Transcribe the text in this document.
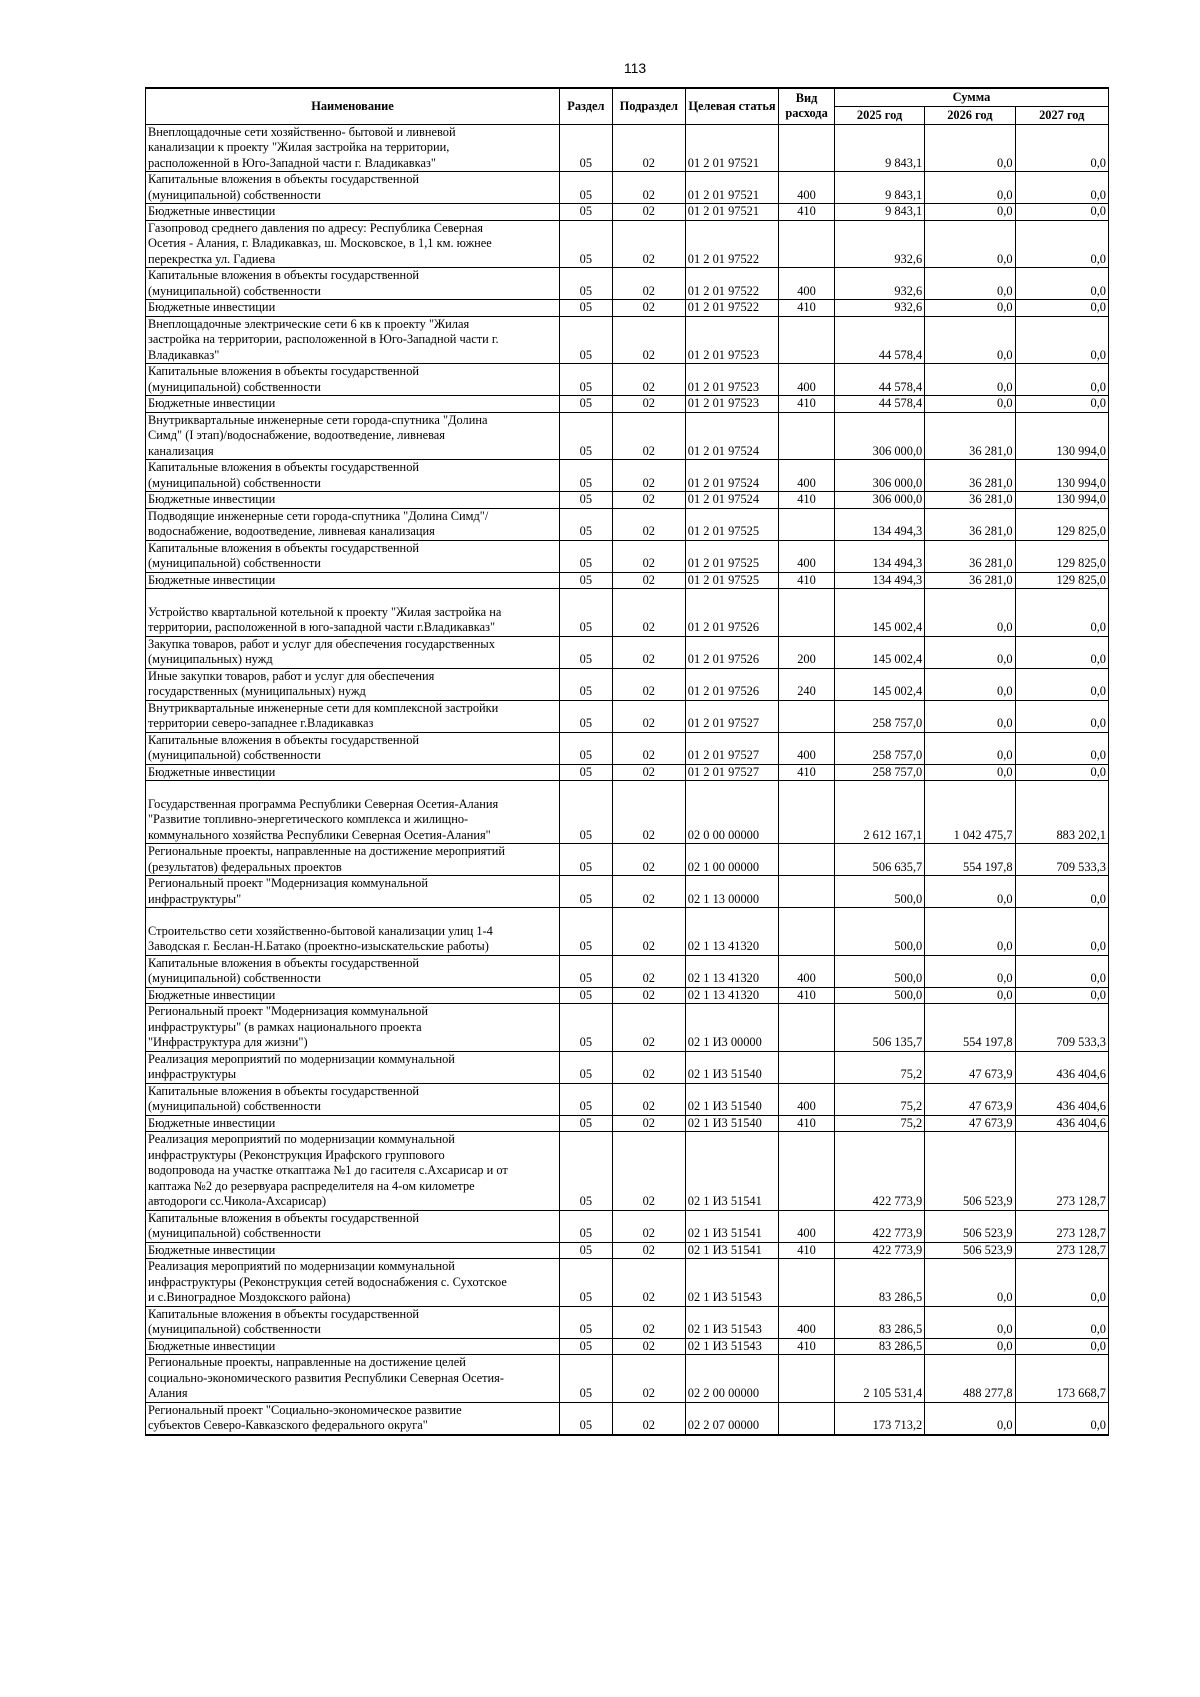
113
Наименование	Раздел	Подраздел	Целевая статья	Вид расхода	Сумма		
					2025 год	2026 год	2027 год
Внеплощадочные сети хозяйственно- бытовой и ливневой
канализации к проекту "Жилая застройка на территории,
расположенной в Юго-Западной части г. Владикавказ"	05	02	01 2 01 97521		9 843,1	0,0	0,0
Капитальные вложения в объекты государственной
(муниципальной) собственности	05	02	01 2 01 97521	400	9 843,1	0,0	0,0
Бюджетные инвестиции	05	02	01 2 01 97521	410	9 843,1	0,0	0,0
Газопровод среднего давления по адресу: Республика Северная
Осетия - Алания, г. Владикавказ, ш. Московское, в 1,1 км. южнее
перекрестка ул. Гадиева	05	02	01 2 01 97522		932,6	0,0	0,0
Капитальные вложения в объекты государственной
(муниципальной) собственности	05	02	01 2 01 97522	400	932,6	0,0	0,0
Бюджетные инвестиции	05	02	01 2 01 97522	410	932,6	0,0	0,0
Внеплощадочные электрические сети 6 кв к проекту "Жилая
застройка на территории, расположенной в Юго-Западной части г.
Владикавказ"	05	02	01 2 01 97523		44 578,4	0,0	0,0
Капитальные вложения в объекты государственной
(муниципальной) собственности	05	02	01 2 01 97523	400	44 578,4	0,0	0,0
Бюджетные инвестиции	05	02	01 2 01 97523	410	44 578,4	0,0	0,0
Внутриквартальные инженерные сети города-спутника "Долина
Симд" (I этап)/водоснабжение, водоотведение, ливневая
канализация	05	02	01 2 01 97524		306 000,0	36 281,0	130 994,0
Капитальные вложения в объекты государственной
(муниципальной) собственности	05	02	01 2 01 97524	400	306 000,0	36 281,0	130 994,0
Бюджетные инвестиции	05	02	01 2 01 97524	410	306 000,0	36 281,0	130 994,0
Подводящие инженерные сети города-спутника "Долина Симд"/
водоснабжение, водоотведение, ливневая канализация	05	02	01 2 01 97525		134 494,3	36 281,0	129 825,0
Капитальные вложения в объекты государственной
(муниципальной) собственности	05	02	01 2 01 97525	400	134 494,3	36 281,0	129 825,0
Бюджетные инвестиции	05	02	01 2 01 97525	410	134 494,3	36 281,0	129 825,0

Устройство квартальной котельной к проекту "Жилая застройка на
территории, расположенной в юго-западной части г.Владикавказ"	05	02	01 2 01 97526		145 002,4	0,0	0,0
Закупка товаров, работ и услуг для обеспечения государственных
(муниципальных) нужд	05	02	01 2 01 97526	200	145 002,4	0,0	0,0
Иные закупки товаров, работ и услуг для обеспечения
государственных (муниципальных) нужд	05	02	01 2 01 97526	240	145 002,4	0,0	0,0
Внутриквартальные инженерные сети для комплексной застройки
территории северо-западнее г.Владикавказ	05	02	01 2 01 97527		258 757,0	0,0	0,0
Капитальные вложения в объекты государственной
(муниципальной) собственности	05	02	01 2 01 97527	400	258 757,0	0,0	0,0
Бюджетные инвестиции	05	02	01 2 01 97527	410	258 757,0	0,0	0,0

Государственная программа Республики Северная Осетия-Алания
"Развитие топливно-энергетического комплекса и жилищно-
коммунального хозяйства Республики Северная Осетия-Алания"	05	02	02 0 00 00000		2 612 167,1	1 042 475,7	883 202,1
Региональные проекты, направленные на достижение мероприятий
(результатов) федеральных проектов	05	02	02 1 00 00000		506 635,7	554 197,8	709 533,3
Региональный проект "Модернизация коммунальной
инфраструктуры"	05	02	02 1 13 00000		500,0	0,0	0,0

Строительство сети хозяйственно-бытовой канализации улиц 1-4
Заводская г. Беслан-Н.Батако (проектно-изыскательские работы)	05	02	02 1 13 41320		500,0	0,0	0,0
Капитальные вложения в объекты государственной
(муниципальной) собственности	05	02	02 1 13 41320	400	500,0	0,0	0,0
Бюджетные инвестиции	05	02	02 1 13 41320	410	500,0	0,0	0,0
Региональный проект "Модернизация коммунальной
инфраструктуры" (в рамках национального проекта
"Инфраструктура для жизни")	05	02	02 1 И3 00000		506 135,7	554 197,8	709 533,3
Реализация мероприятий по модернизации коммунальной
инфраструктуры	05	02	02 1 И3 51540		75,2	47 673,9	436 404,6
Капитальные вложения в объекты государственной
(муниципальной) собственности	05	02	02 1 И3 51540	400	75,2	47 673,9	436 404,6
Бюджетные инвестиции	05	02	02 1 И3 51540	410	75,2	47 673,9	436 404,6
Реализация мероприятий по модернизации коммунальной
инфраструктуры (Реконструкция Ирафского группового
водопровода на участке откаптажа №1 до гасителя с.Ахсарисар и от
каптажа №2 до резервуара распределителя на 4-ом километре
автодороги сс.Чикола-Ахсарисар)	05	02	02 1 И3 51541		422 773,9	506 523,9	273 128,7
Капитальные вложения в объекты государственной
(муниципальной) собственности	05	02	02 1 И3 51541	400	422 773,9	506 523,9	273 128,7
Бюджетные инвестиции	05	02	02 1 И3 51541	410	422 773,9	506 523,9	273 128,7
Реализация мероприятий по модернизации коммунальной
инфраструктуры (Реконструкция сетей водоснабжения с. Сухотское
и с.Виноградное Моздокского района)	05	02	02 1 И3 51543		83 286,5	0,0	0,0
Капитальные вложения в объекты государственной
(муниципальной) собственности	05	02	02 1 И3 51543	400	83 286,5	0,0	0,0
Бюджетные инвестиции	05	02	02 1 И3 51543	410	83 286,5	0,0	0,0
Региональные проекты, направленные на достижение целей
социально-экономического развития Республики Северная Осетия-
Алания	05	02	02 2 00 00000		2 105 531,4	488 277,8	173 668,7
Региональный проект "Социально-экономическое развитие
субъектов Северо-Кавказского федерального округа"	05	02	02 2 07 00000		173 713,2	0,0	0,0
